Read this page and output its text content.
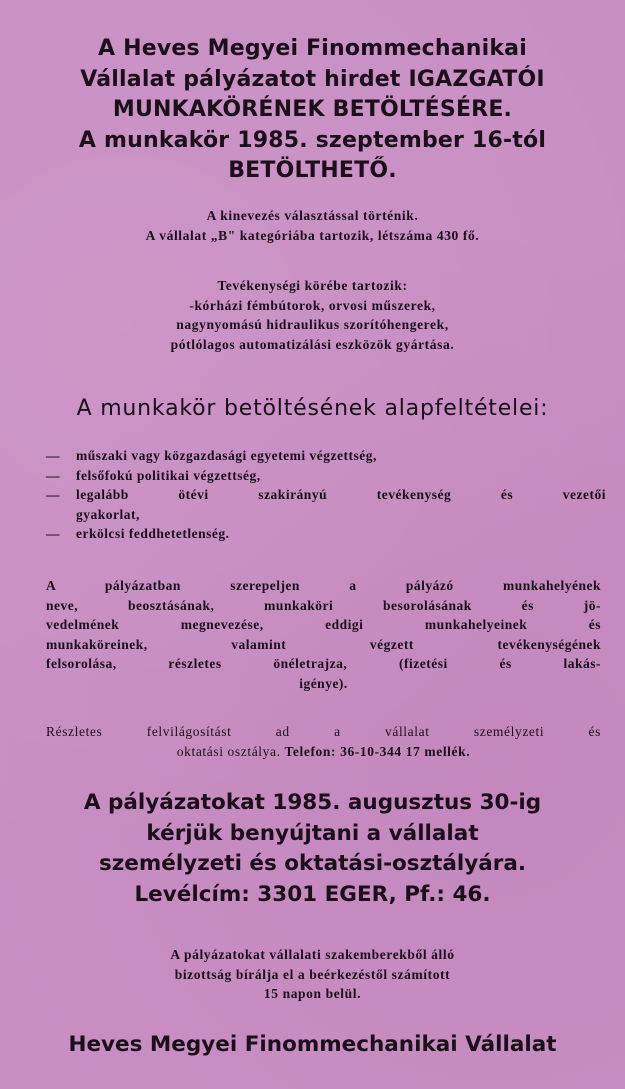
A Heves Megyei Finommechanikai
Vállalat pályázatot hirdet IGAZGATÓI
MUNKAKÖRÉNEK BETÖLTÉSÉRE.
A munkakör 1985. szeptember 16-tól
BETÖLTHETŐ.
A kinevezés választással történik.
A vállalat „B" kategóriába tartozik, létszáma 430 fő.
Tevékenységi körébe tartozik:
-kórházi fémbútorok, orvosi műszerek,
nagynyomású hidraulikus szorítóhengerek,
pótlólagos automatizálási eszközök gyártása.
A munkakör betöltésének alapfeltételei:
—	műszaki vagy közgazdasági egyetemi végzettség,
—	felsőfokú politikai végzettség,
—	legalább ötévi szakirányú tevékenység és vezetői
gyakorlat,
—	erkölcsi feddhetetlenség.
A pályázatban szerepeljen a pályázó munkahelyének
neve, beosztásának, munkaköri besorolásának és jö-
vedelmének megnevezése, eddigi munkahelyeinek és
munkaköreinek, valamint végzett tevékenységének
felsorolása, részletes önéletrajza, (fizetési és lakás-
igénye).
Részletes felvilágosítást ad a vállalat személyzeti és
oktatási osztálya. Telefon: 36-10-344 17 mellék.
A pályázatokat 1985. augusztus 30-ig
kérjük benyújtani a vállalat
személyzeti és oktatási-osztályára.
Levélcím: 3301 EGER, Pf.: 46.
A pályázatokat vállalati szakemberekből álló
bizottság bírálja el a beérkezéstől számított
15 napon belül.
Heves Megyei Finommechanikai Vállalat
